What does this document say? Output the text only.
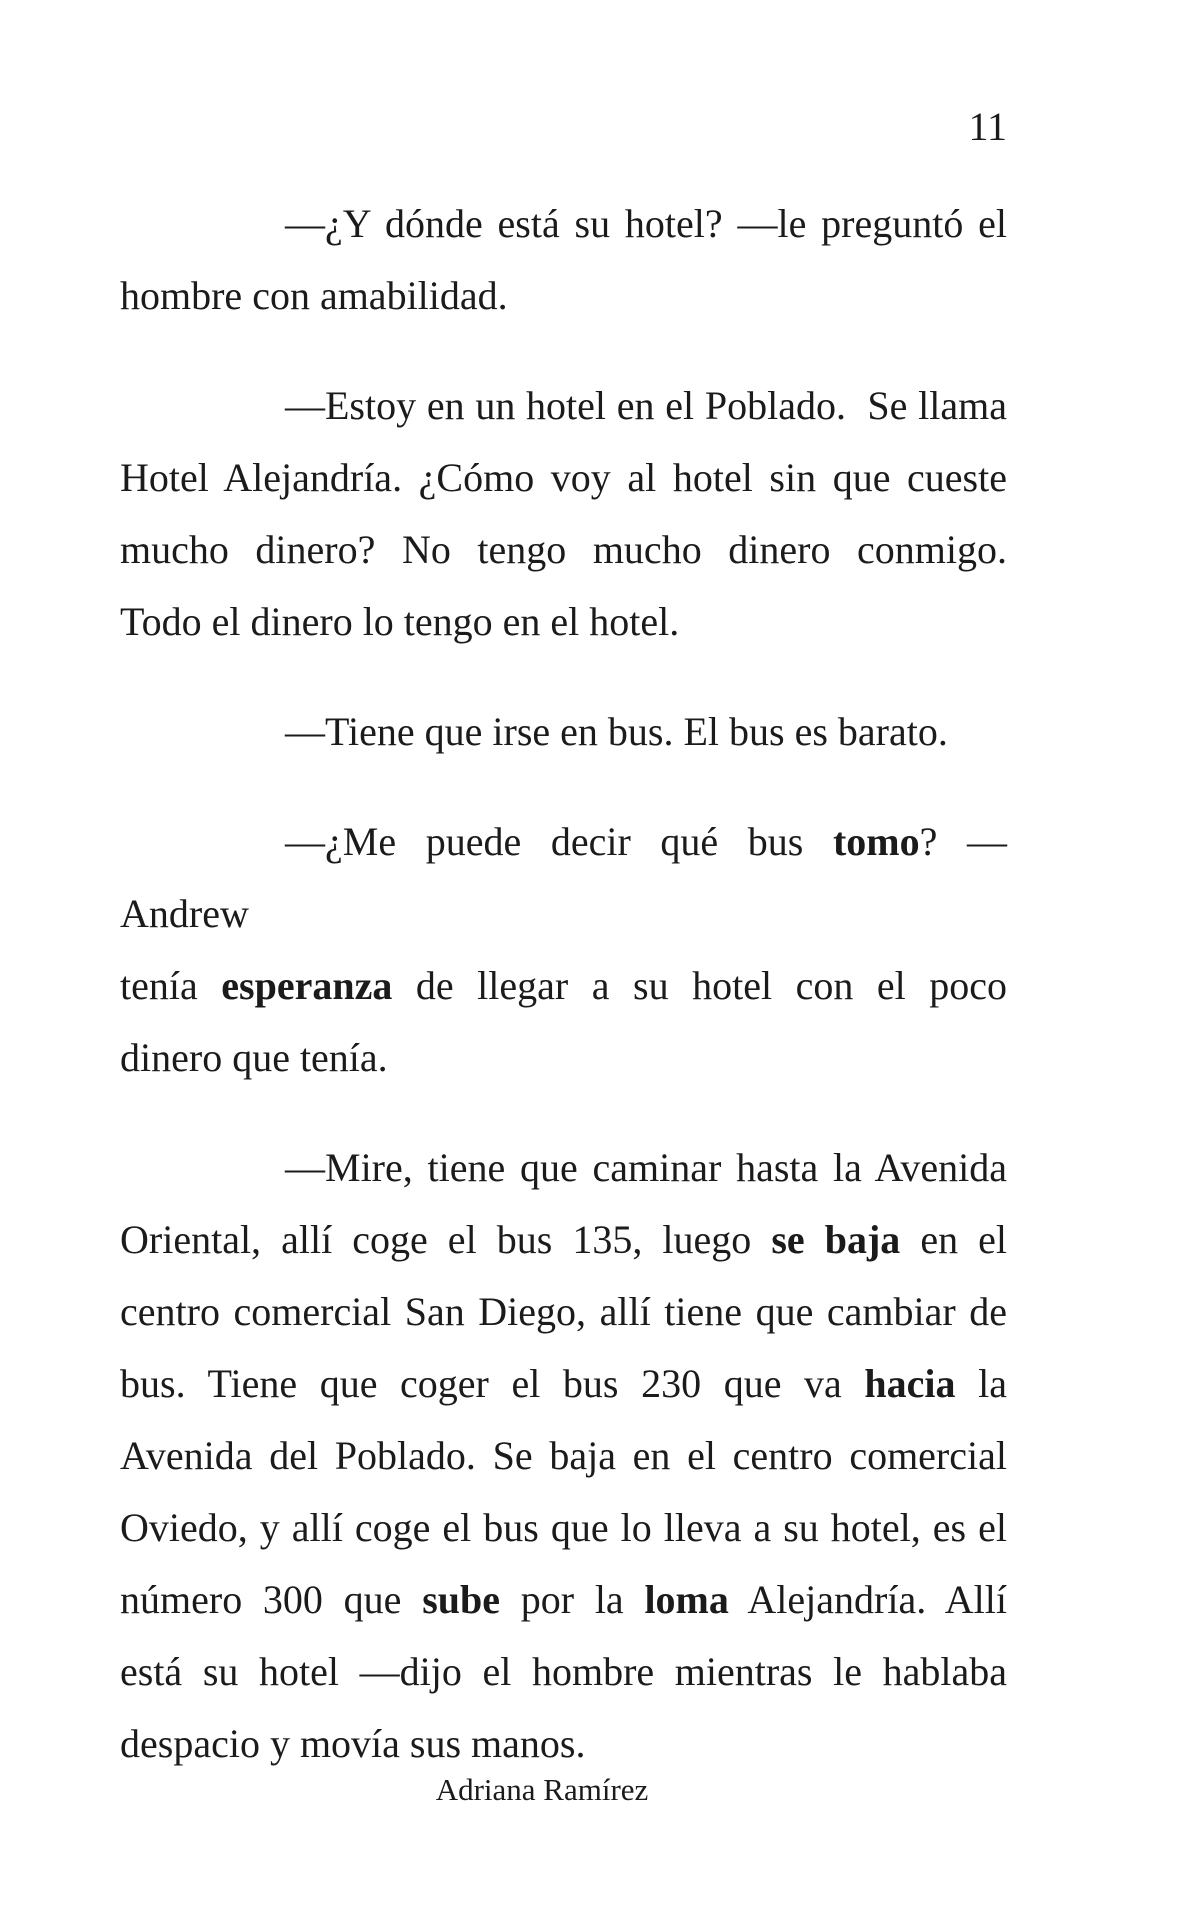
11
—¿Y dónde está su hotel? —le preguntó el
hombre con amabilidad.
—Estoy en un hotel en el Poblado.  Se llama
Hotel Alejandría. ¿Cómo voy al hotel sin que cueste
mucho dinero? No tengo mucho dinero conmigo.
Todo el dinero lo tengo en el hotel.
—Tiene que irse en bus. El bus es barato.
—¿Me puede decir qué bus tomo? —Andrew
tenía esperanza de llegar a su hotel con el poco
dinero que tenía.
—Mire, tiene que caminar hasta la Avenida
Oriental, allí coge el bus 135, luego se baja en el
centro comercial San Diego, allí tiene que cambiar de
bus. Tiene que coger el bus 230 que va hacia la
Avenida del Poblado. Se baja en el centro comercial
Oviedo, y allí coge el bus que lo lleva a su hotel, es el
número 300 que sube por la loma Alejandría. Allí
está su hotel —dijo el hombre mientras le hablaba
despacio y movía sus manos.
Adriana Ramírez
